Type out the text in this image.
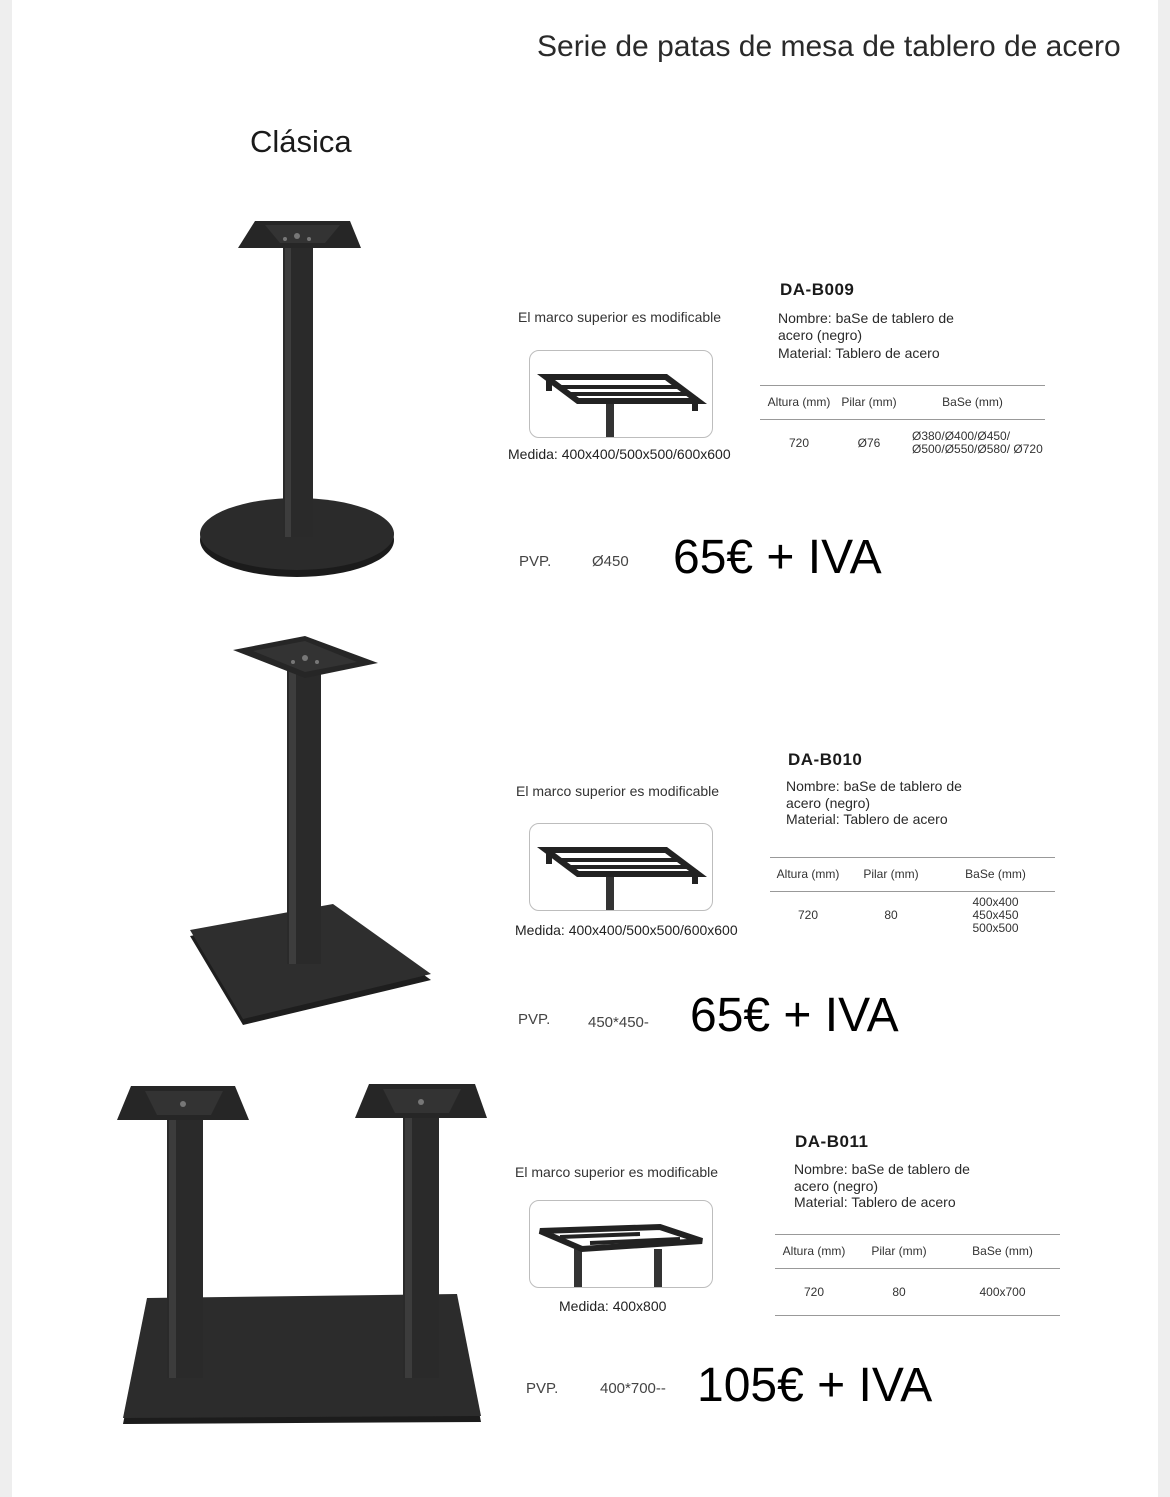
Serie de patas de mesa de tablero de acero
Clásica
El marco superior es modificable
Medida: 400x400/500x500/600x600
DA-B009
Nombre: baSe de tablero de acero (negro)
Material: Tablero de acero
Altura (mm)	Pilar (mm)	BaSe (mm)
720	Ø76	Ø380/Ø400/Ø450/ Ø500/Ø550/Ø580/ Ø720
PVP.	Ø450 65€ + IVA
El marco superior es modificable
Medida: 400x400/500x500/600x600
DA-B010
Nombre: baSe de tablero de acero (negro)
Material: Tablero de acero
Altura (mm)	Pilar (mm)	BaSe (mm)
720	80	400x400 450x450 500x500
PVP.	450*450- 65€ + IVA
El marco superior es modificable
Medida: 400x800
DA-B011
Nombre: baSe de tablero de acero (negro)
Material: Tablero de acero
Altura (mm)	Pilar (mm)	BaSe (mm)
720	80	400x700
PVP.	400*700-- 105€ + IVA
